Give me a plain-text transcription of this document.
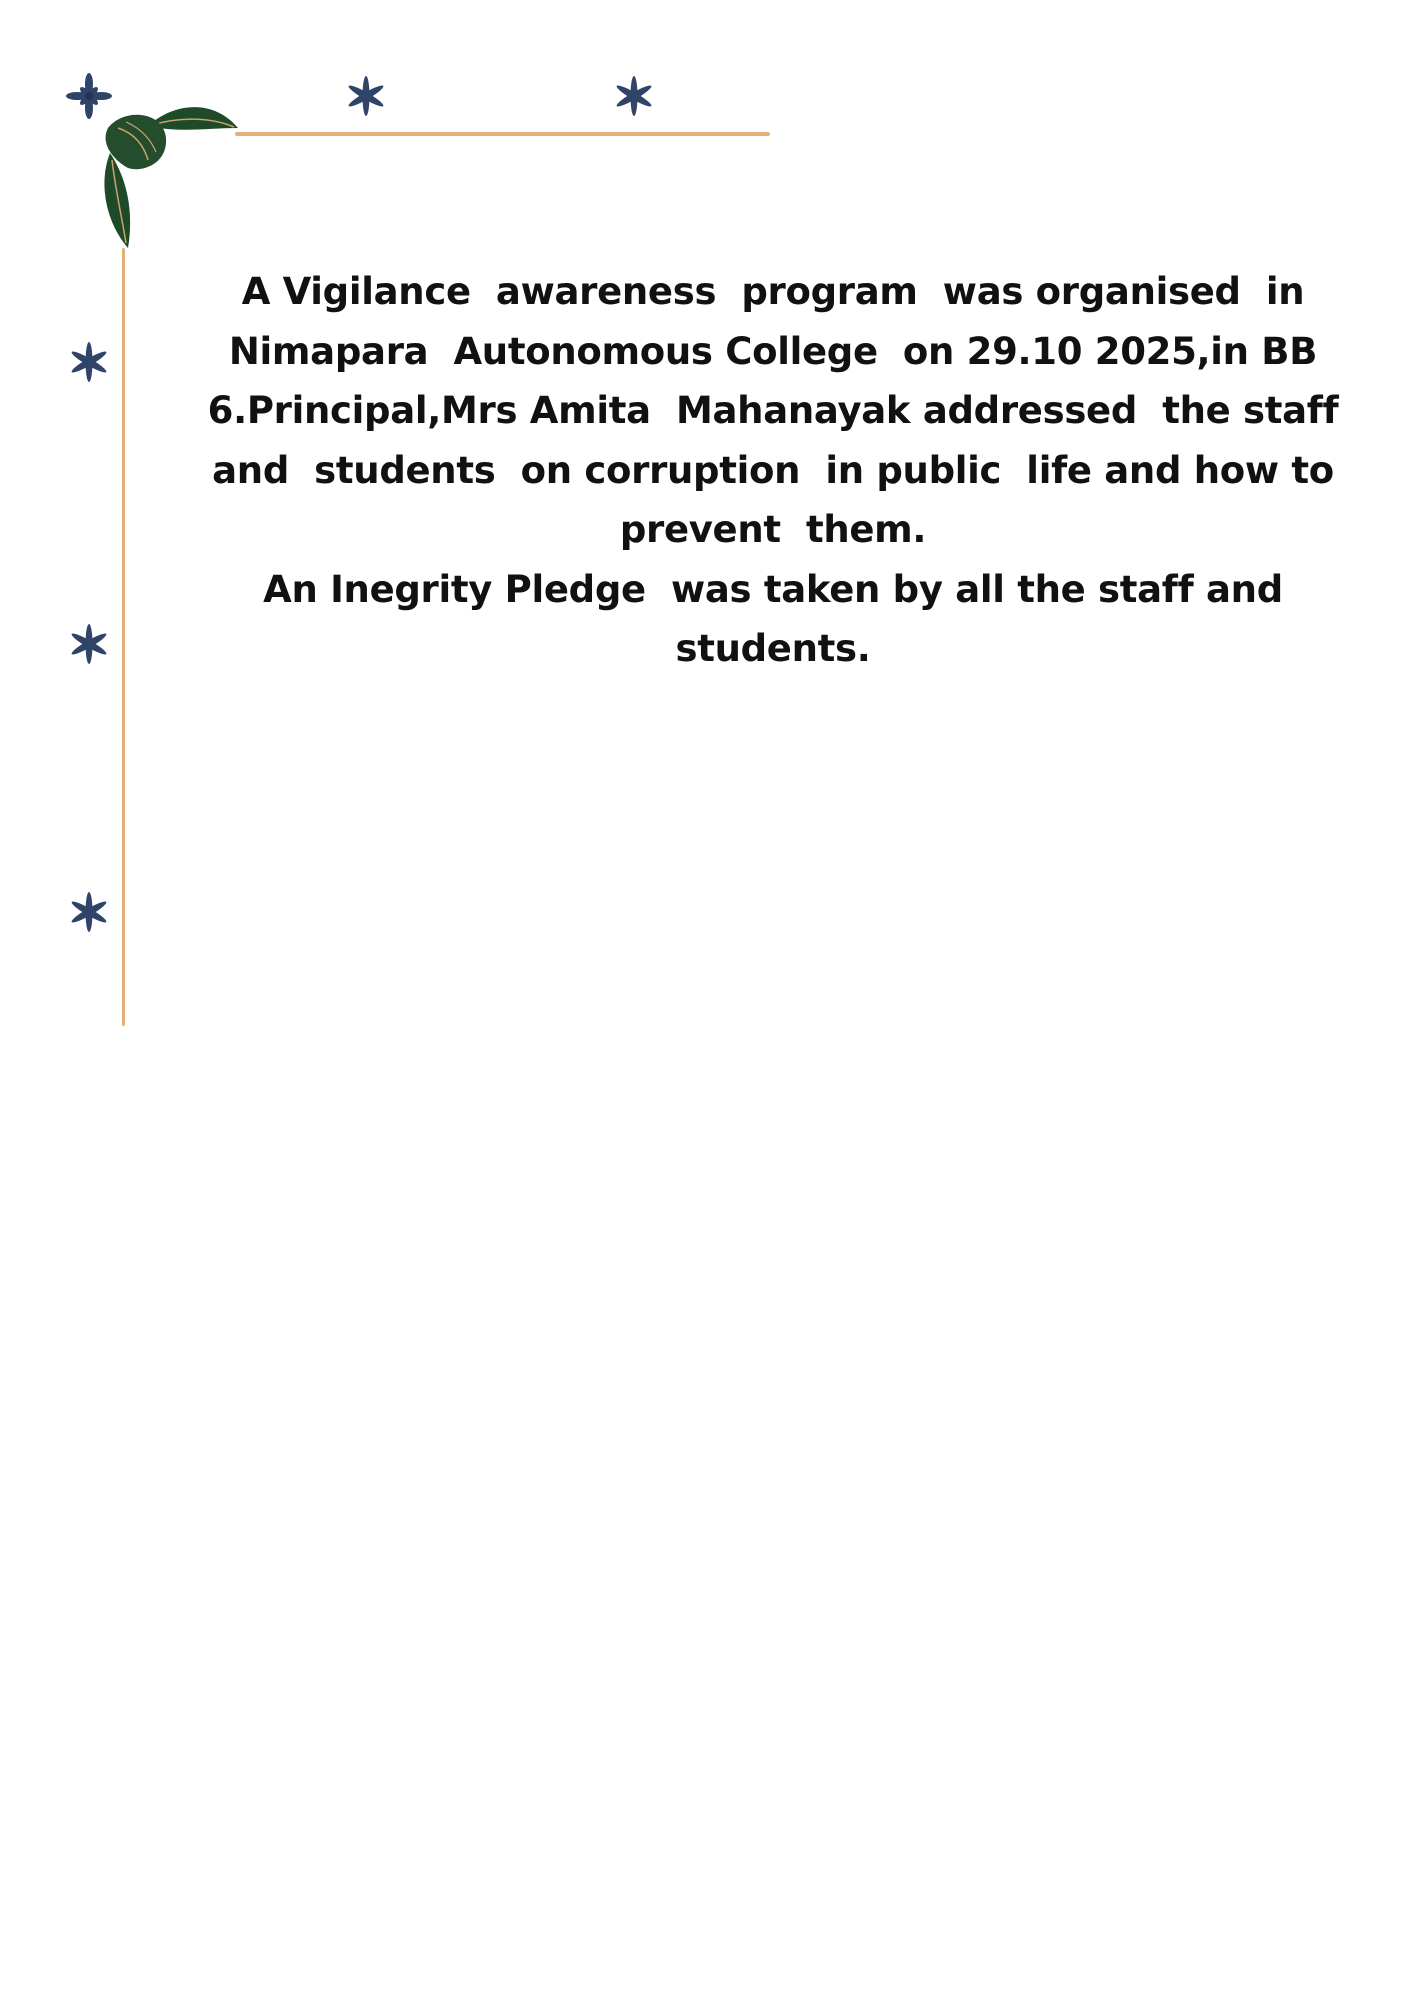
A Vigilance  awareness  program  was organised  in
Nimapara  Autonomous College  on 29.10 2025,in BB
6.Principal,Mrs Amita  Mahanayak addressed  the staff
and  students  on corruption  in public  life and how to
prevent  them.
An Inegrity Pledge  was taken by all the staff and
students.
